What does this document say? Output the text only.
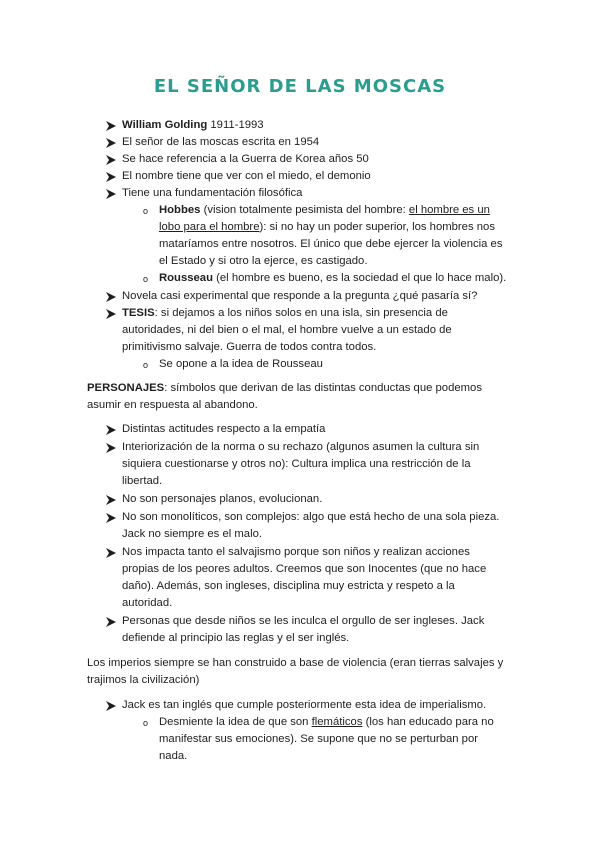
EL SEÑOR DE LAS MOSCAS
William Golding 1911-1993
El señor de las moscas escrita en 1954
Se hace referencia a la Guerra de Korea años 50
El nombre tiene que ver con el miedo, el demonio
Tiene una fundamentación filosófica
o Hobbes (vision totalmente pesimista del hombre: el hombre es un
lobo para el hombre): si no hay un poder superior, los hombres nos
mataríamos entre nosotros. El único que debe ejercer la violencia es
el Estado y si otro la ejerce, es castigado.
o Rousseau (el hombre es bueno, es la sociedad el que lo hace malo).
Novela casi experimental que responde a la pregunta ¿qué pasaría sí?
TESIS: si dejamos a los niños solos en una isla, sin presencia de
autoridades, ni del bien o el mal, el hombre vuelve a un estado de
primitivismo salvaje. Guerra de todos contra todos.
o Se opone a la idea de Rousseau
PERSONAJES: símbolos que derivan de las distintas conductas que podemos
asumir en respuesta al abandono.
Distintas actitudes respecto a la empatía
Interiorización de la norma o su rechazo (algunos asumen la cultura sin
siquiera cuestionarse y otros no): Cultura implica una restricción de la
libertad.
No son personajes planos, evolucionan.
No son monolíticos, son complejos: algo que está hecho de una sola pieza.
Jack no siempre es el malo.
Nos impacta tanto el salvajismo porque son niños y realizan acciones
propias de los peores adultos. Creemos que son Inocentes (que no hace
daño). Además, son ingleses, disciplina muy estricta y respeto a la
autoridad.
Personas que desde niños se les inculca el orgullo de ser ingleses. Jack
defiende al principio las reglas y el ser inglés.
Los imperios siempre se han construido a base de violencia (eran tierras salvajes y
trajimos la civilización)
Jack es tan inglés que cumple posteriormente esta idea de imperialismo.
o Desmiente la idea de que son flemáticos (los han educado para no
manifestar sus emociones). Se supone que no se perturban por
nada.
